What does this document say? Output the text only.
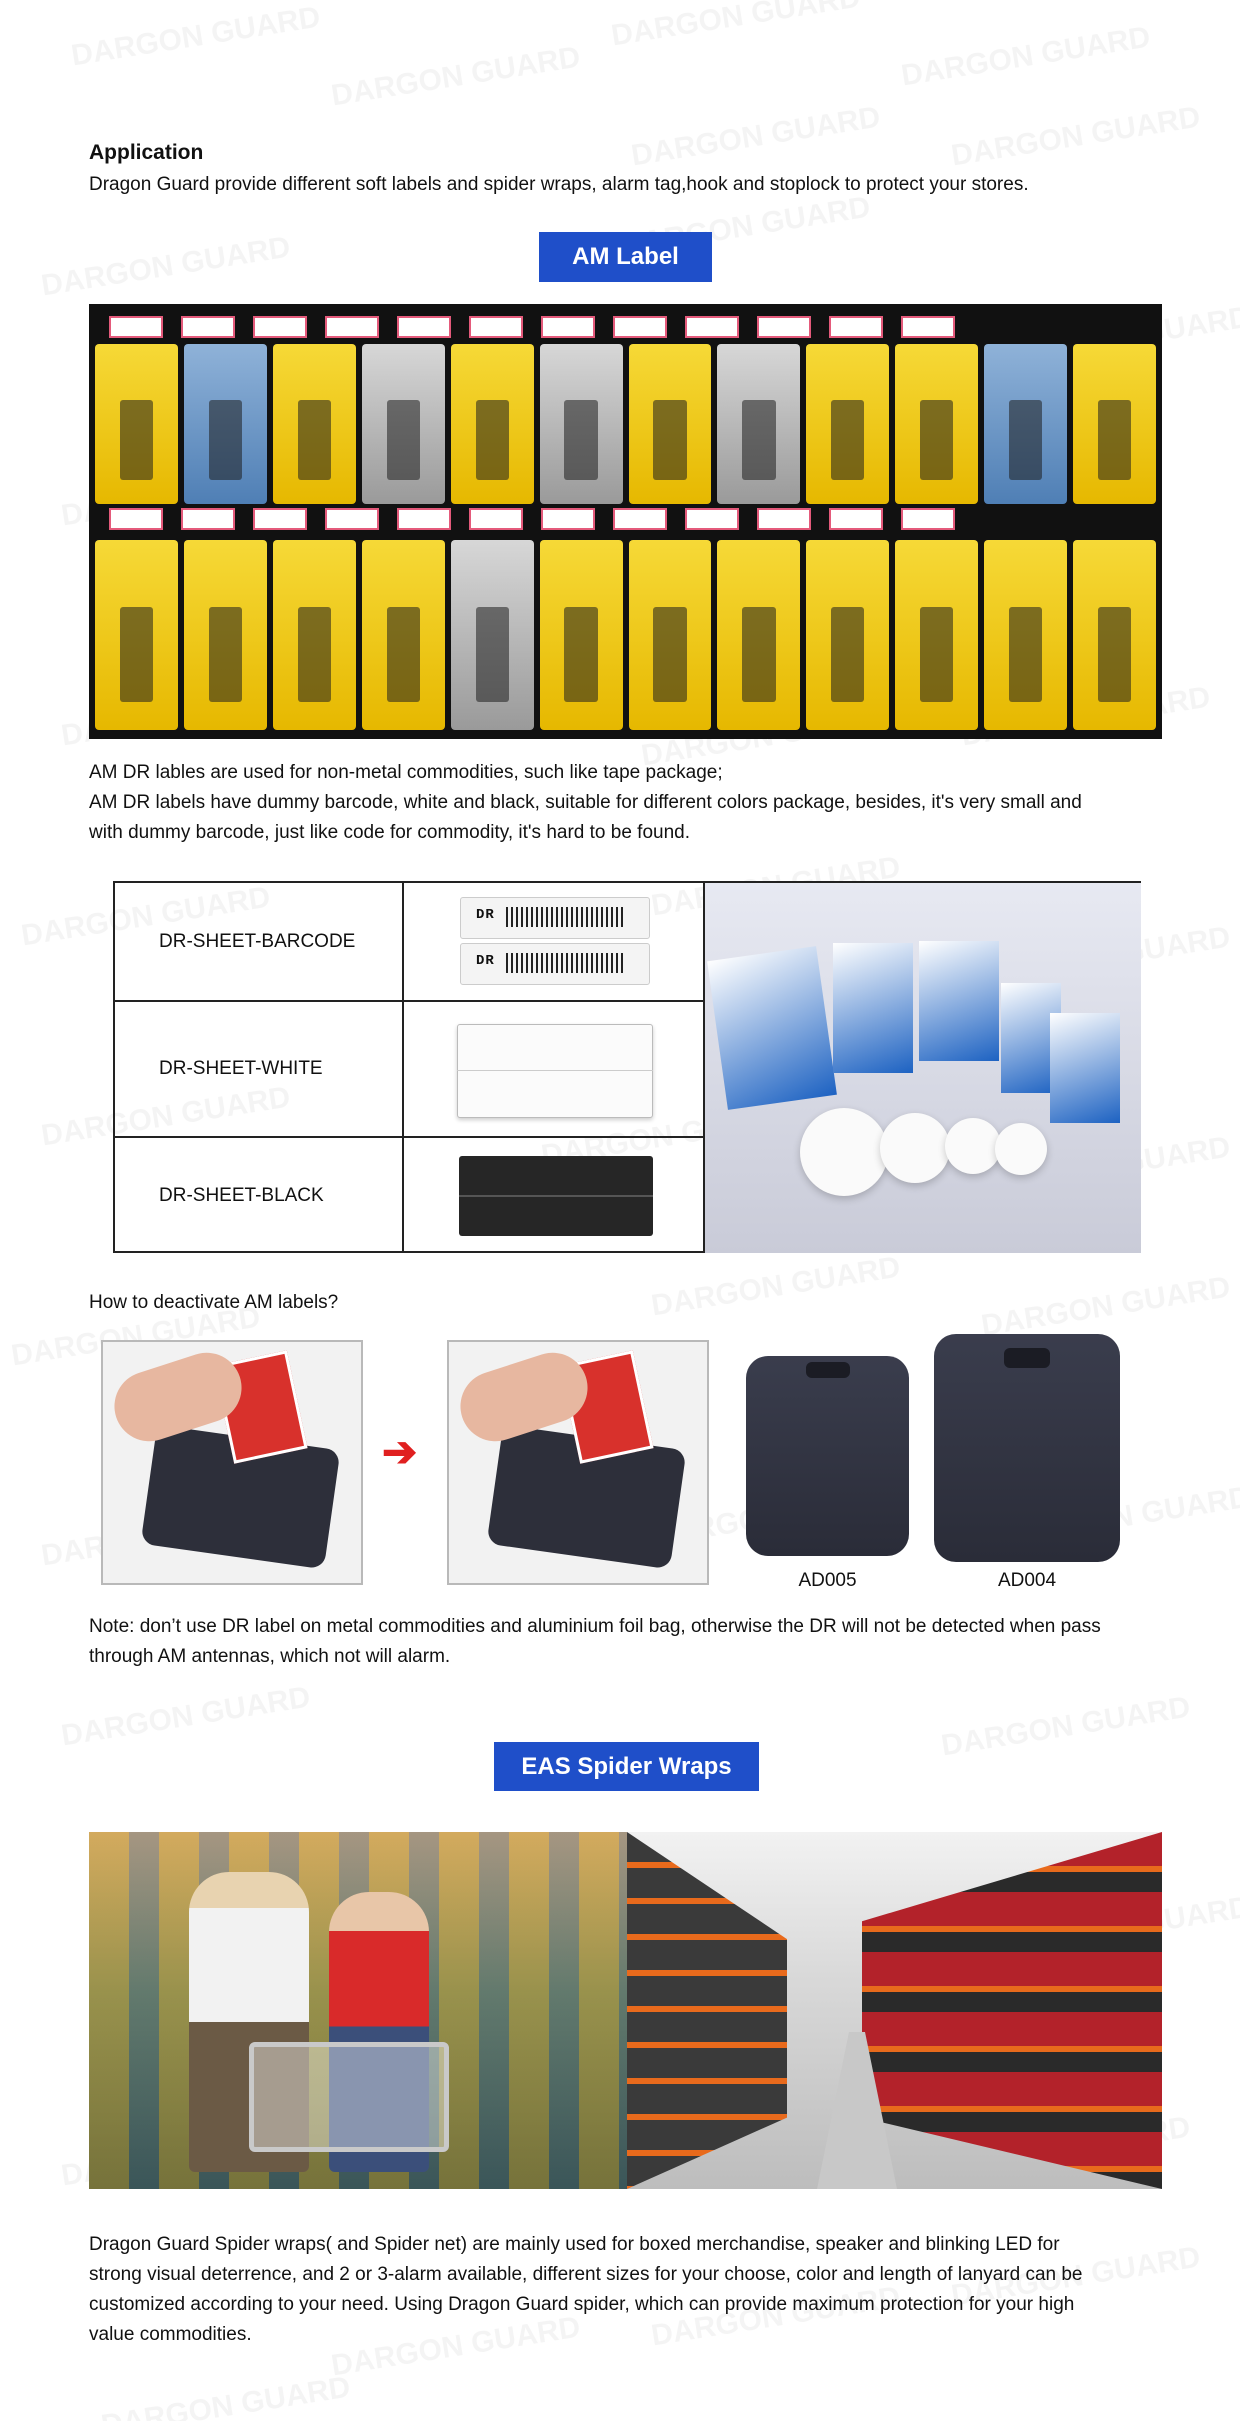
Application
Dragon Guard provide different soft labels and spider wraps, alarm tag,hook and stoplock to protect your stores.
AM Label
AM DR lables are used for non-metal commodities, such like tape package;
AM DR labels have dummy barcode, white and black, suitable for different colors package, besides, it's very small and
with dummy barcode, just like code for commodity, it's hard to be found.
DR-SHEET-BARCODE
DR
DR
DR-SHEET-WHITE
DR-SHEET-BLACK
How to deactivate AM labels?
➔
AD005	AD004
Note: don’t use DR label on metal commodities and aluminium foil bag, otherwise the DR will not be detected when pass
through AM antennas, which not will alarm.
EAS Spider Wraps
Dragon Guard Spider wraps( and Spider net) are mainly used for boxed merchandise, speaker and blinking LED for
strong visual deterrence, and 2 or 3-alarm available, different sizes for your choose, color and length of lanyard can be
customized according to your need. Using Dragon Guard spider, which can provide maximum protection for your high
value commodities.
